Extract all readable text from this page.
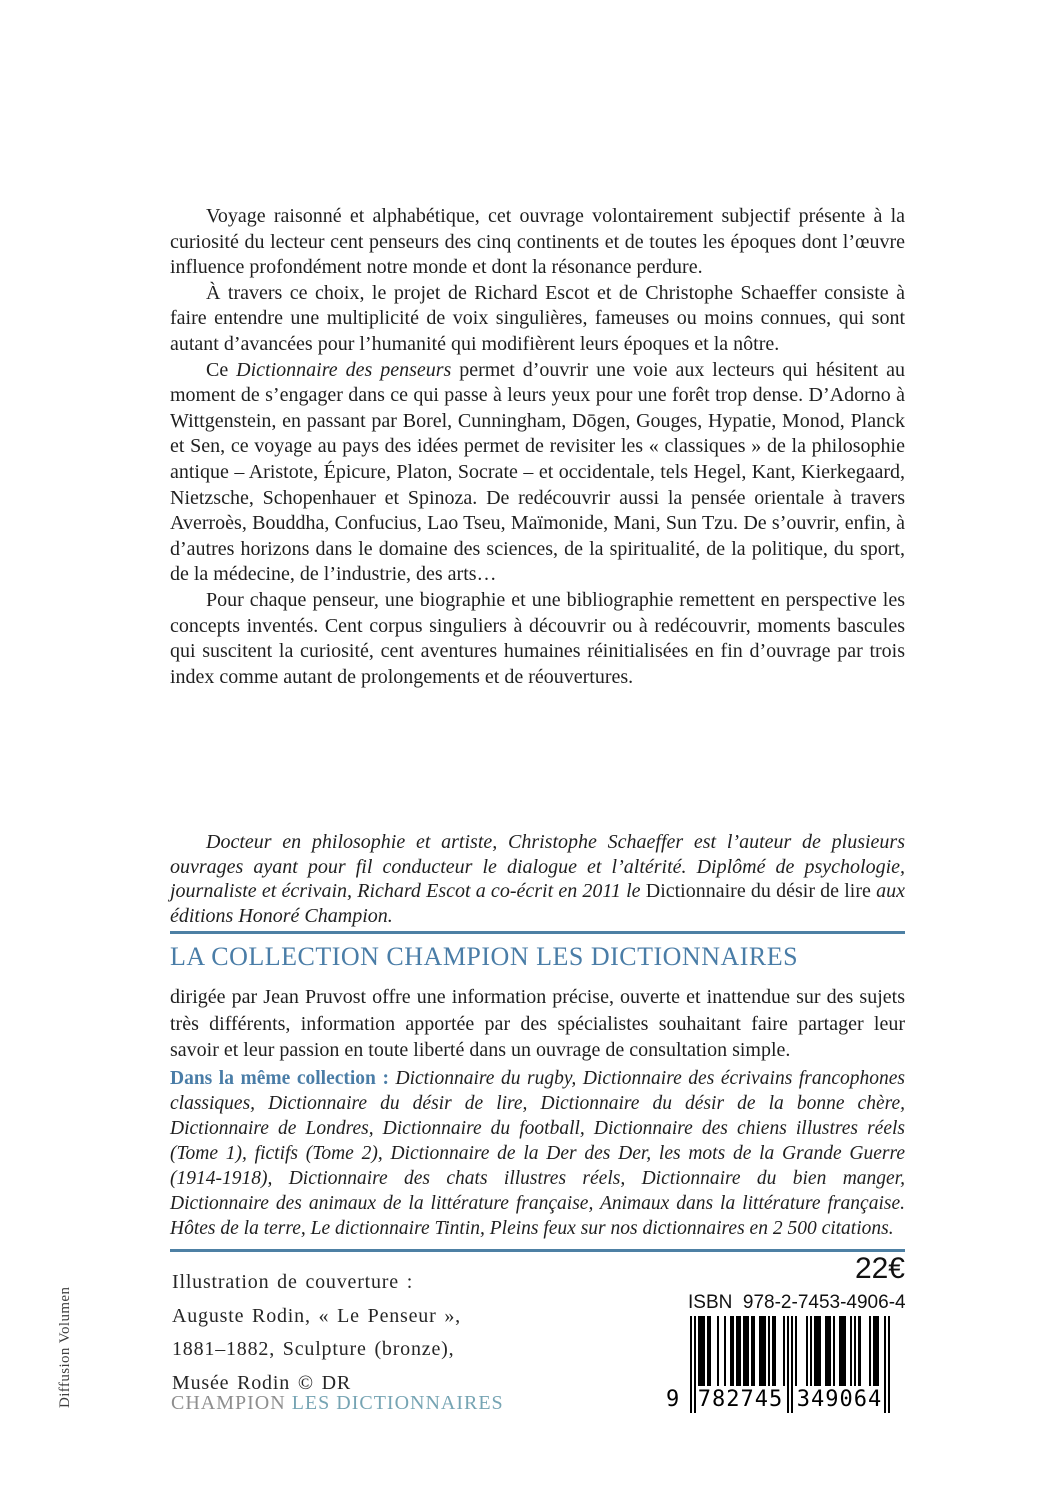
Voyage raisonné et alphabétique, cet ouvrage volontairement subjectif présente à la curiosité du lecteur cent penseurs des cinq continents et de toutes les époques dont l’œuvre influence profondément notre monde et dont la résonance perdure.

À travers ce choix, le projet de Richard Escot et de Christophe Schaeffer consiste à faire entendre une multiplicité de voix singulières, fameuses ou moins connues, qui sont autant d’avancées pour l’humanité qui modifièrent leurs époques et la nôtre.

Ce Dictionnaire des penseurs permet d’ouvrir une voie aux lecteurs qui hésitent au moment de s’engager dans ce qui passe à leurs yeux pour une forêt trop dense. D’Adorno à Wittgenstein, en passant par Borel, Cunningham, Dōgen, Gouges, Hypatie, Monod, Planck et Sen, ce voyage au pays des idées permet de revisiter les « classiques » de la philosophie antique – Aristote, Épicure, Platon, Socrate – et occidentale, tels Hegel, Kant, Kierkegaard, Nietzsche, Schopenhauer et Spinoza. De redécouvrir aussi la pensée orientale à travers Averroès, Bouddha, Confucius, Lao Tseu, Maïmonide, Mani, Sun Tzu. De s’ouvrir, enfin, à d’autres horizons dans le domaine des sciences, de la spiritualité, de la politique, du sport, de la médecine, de l’industrie, des arts…

Pour chaque penseur, une biographie et une bibliographie remettent en perspective les concepts inventés. Cent corpus singuliers à découvrir ou à redécouvrir, moments bascules qui suscitent la curiosité, cent aventures humaines réinitialisées en fin d’ouvrage par trois index comme autant de prolongements et de réouvertures.

Docteur en philosophie et artiste, Christophe Schaeffer est l’auteur de plusieurs ouvrages ayant pour fil conducteur le dialogue et l’altérité. Diplômé de psychologie, journaliste et écrivain, Richard Escot a co-écrit en 2011 le Dictionnaire du désir de lire aux éditions Honoré Champion.
LA COLLECTION CHAMPION LES DICTIONNAIRES

dirigée par Jean Pruvost offre une information précise, ouverte et inattendue sur des sujets très différents, information apportée par des spécialistes souhaitant faire partager leur savoir et leur passion en toute liberté dans un ouvrage de consultation simple.

Dans la même collection : Dictionnaire du rugby, Dictionnaire des écrivains francophones classiques, Dictionnaire du désir de lire, Dictionnaire du désir de la bonne chère, Dictionnaire de Londres, Dictionnaire du football, Dictionnaire des chiens illustres réels (Tome 1), fictifs (Tome 2), Dictionnaire de la Der des Der, les mots de la Grande Guerre (1914-1918), Dictionnaire des chats illustres réels, Dictionnaire du bien manger, Dictionnaire des animaux de la littérature française, Animaux dans la littérature française. Hôtes de la terre, Le dictionnaire Tintin, Pleins feux sur nos dictionnaires en 2 500 citations.

Illustration de couverture :
Auguste Rodin, « Le Penseur »,
1881–1882, Sculpture (bronze),
Musée Rodin © DR
CHAMPION LES DICTIONNAIRES
22€
ISBN  978-2-7453-4906-4
9 782745 349064
Diffusion Volumen
